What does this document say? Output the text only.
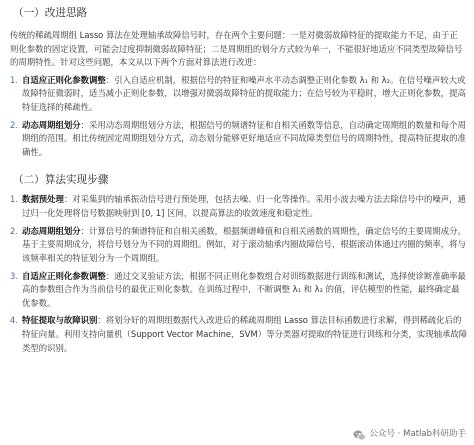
（一）改进思路

传统的稀疏周期组 Lasso 算法在处理轴承故障信号时，存在两个主要问题：一是对微弱故障特征的提取能力不足，由于正则化参数的固定设置，可能会过度抑制微弱故障特征；二是周期组的划分方式较为单一，不能很好地适应不同类型故障信号的周期特性。针对这些问题，本文从以下两个方面对算法进行改进：

1. 自适应正则化参数调整：引入自适应机制，根据信号的特征和噪声水平动态调整正则化参数 λ₁ 和 λ₂。在信号噪声较大或故障特征微弱时，适当减小正则化参数，以增强对微弱故障特征的提取能力；在信号较为平稳时，增大正则化参数，提高特征选择的稀疏性。
2. 动态周期组划分：采用动态周期组划分方法，根据信号的频谱特征和自相关函数等信息，自动确定周期组的数量和每个周期组的范围。相比传统固定周期组划分方式，动态划分能够更好地适应不同故障类型信号的周期特性，提高特征提取的准确性。
（二）算法实现步骤
1. 数据预处理：对采集到的轴承振动信号进行预处理，包括去噪、归一化等操作。采用小波去噪方法去除信号中的噪声，通过归一化处理将信号数据映射到 [0, 1] 区间，以提高算法的收敛速度和稳定性。
2. 动态周期组划分：计算信号的频谱特征和自相关函数，根据频谱峰值和自相关函数的周期性，确定信号的主要周期成分。基于主要周期成分，将信号划分为不同的周期组。例如，对于滚动轴承内圈故障信号，根据滚动体通过内圈的频率，将与该频率相关的特征划分为一个周期组。
3. 自适应正则化参数调整：通过交叉验证方法，根据不同正则化参数组合对训练数据进行训练和测试，选择使诊断准确率最高的参数组合作为当前信号的最优正则化参数。在训练过程中，不断调整 λ₁ 和 λ₂ 的值，评估模型的性能，最终确定最优参数。
4. 特征提取与故障识别：将划分好的周期组数据代入改进后的稀疏周期组 Lasso 算法目标函数进行求解，得到稀疏化后的特征向量。利用支持向量机（Support Vector Machine，SVM）等分类器对提取的特征进行训练和分类，实现轴承故障类型的识别。
公众号 · Matlab科研助手
